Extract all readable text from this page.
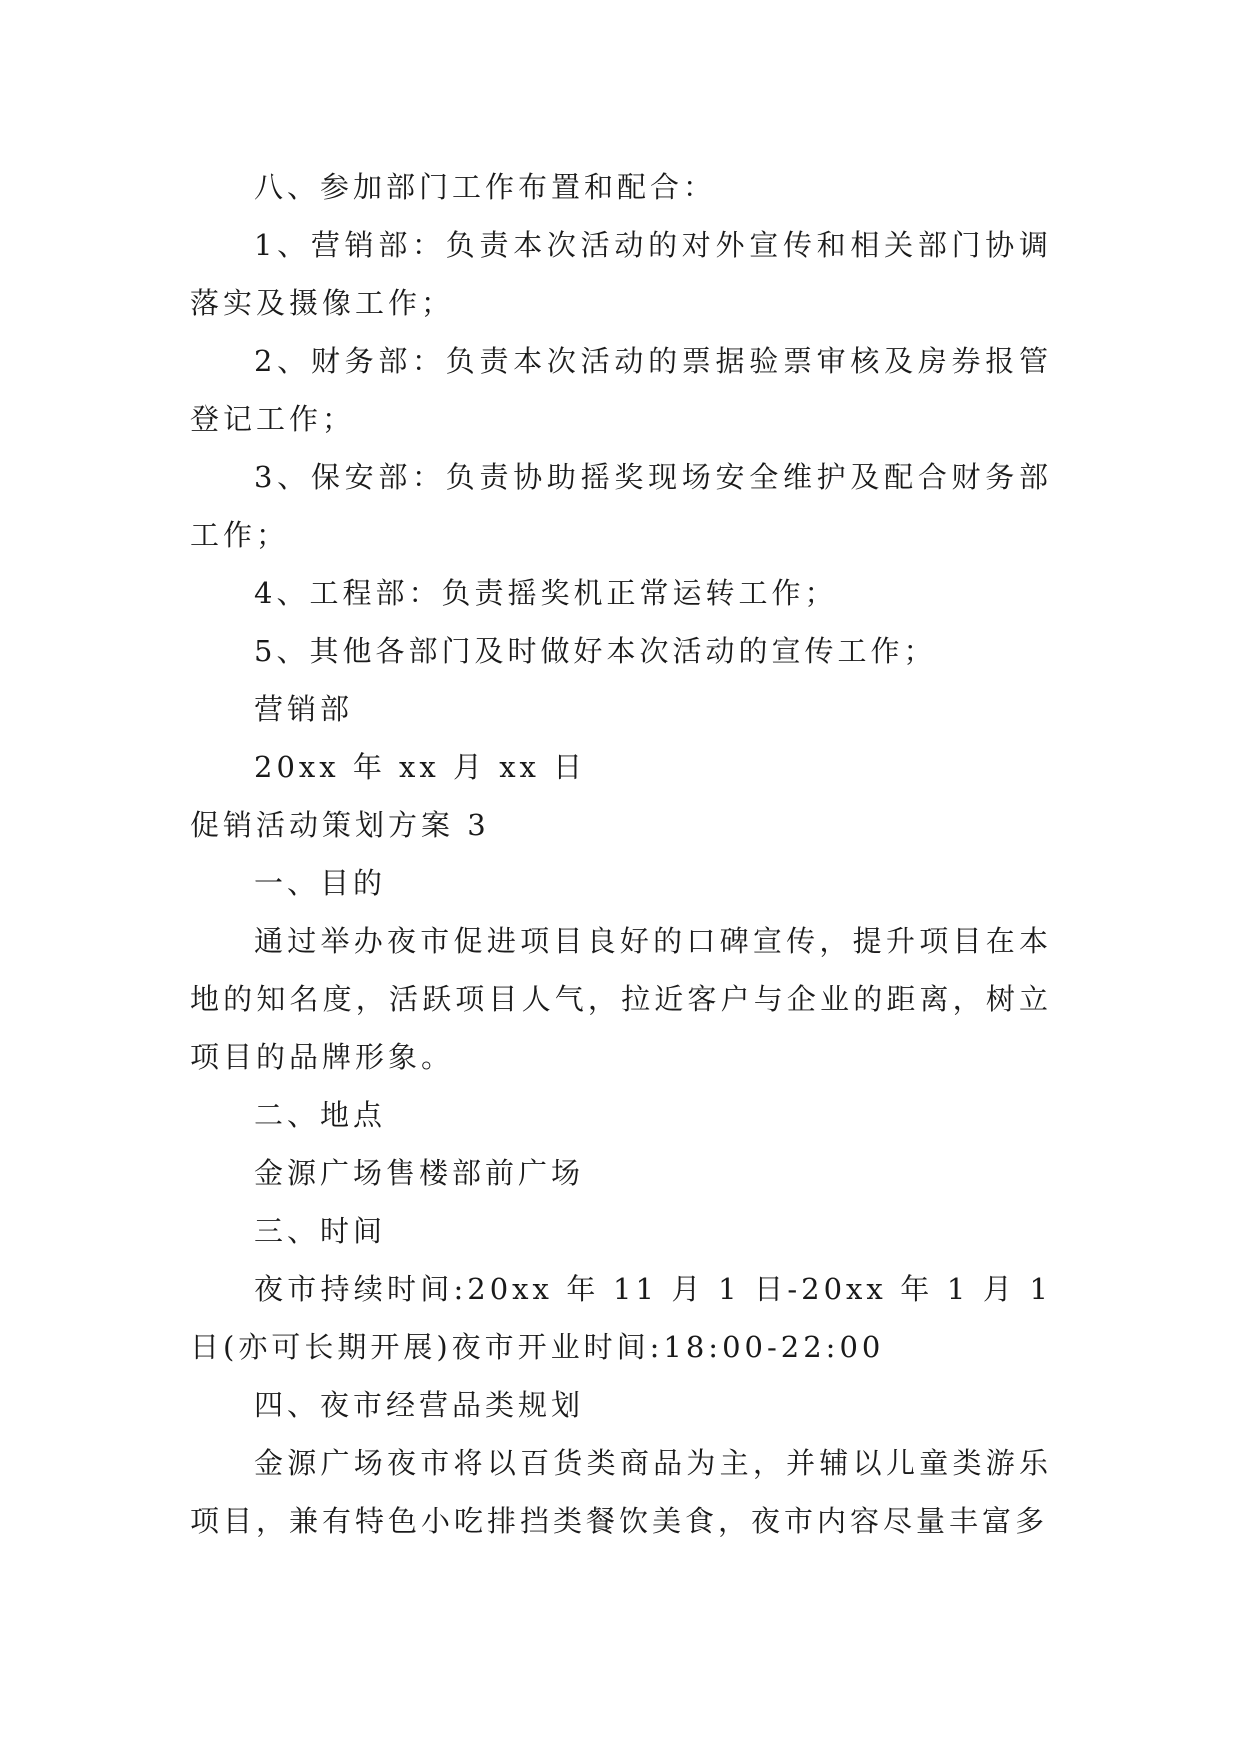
八、参加部门工作布置和配合：

1、营销部：负责本次活动的对外宣传和相关部门协调落实及摄像工作；

2、财务部：负责本次活动的票据验票审核及房券报管登记工作；

3、保安部：负责协助摇奖现场安全维护及配合财务部工作；

4、工程部：负责摇奖机正常运转工作；

5、其他各部门及时做好本次活动的宣传工作；

营销部

20xx 年 xx 月 xx 日

促销活动策划方案 3

一、目的

通过举办夜市促进项目良好的口碑宣传，提升项目在本地的知名度，活跃项目人气，拉近客户与企业的距离，树立项目的品牌形象。

二、地点

金源广场售楼部前广场

三、时间

夜市持续时间:20xx 年 11 月 1 日-20xx 年 1 月 1 日(亦可长期开展)夜市开业时间:18:00-22:00

四、夜市经营品类规划

金源广场夜市将以百货类商品为主，并辅以儿童类游乐项目，兼有特色小吃排挡类餐饮美食，夜市内容尽量丰富多
